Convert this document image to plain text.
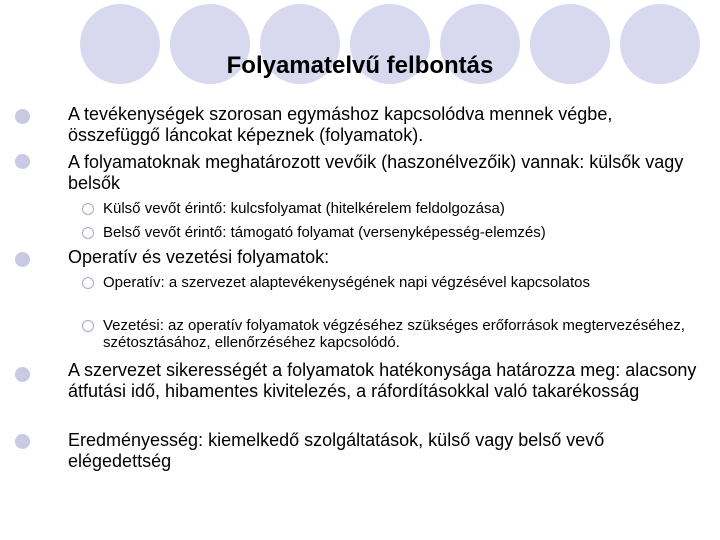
Folyamatelvű felbontás
A tevékenységek szorosan egymáshoz kapcsolódva mennek végbe, összefüggő láncokat képeznek (folyamatok).
A folyamatoknak meghatározott vevőik (haszonélvezőik) vannak: külsők vagy belsők
Külső vevőt érintő: kulcsfolyamat (hitelkérelem feldolgozása)
Belső vevőt érintő: támogató folyamat (versenyképesség-elemzés)
Operatív és vezetési folyamatok:
Operatív: a szervezet alaptevékenységének napi végzésével kapcsolatos
Vezetési: az operatív folyamatok végzéséhez szükséges erőforrások megtervezéséhez, szétosztásához, ellenőrzéséhez kapcsolódó.
A szervezet sikerességét a folyamatok hatékonysága határozza meg: alacsony átfutási idő, hibamentes kivitelezés, a ráfordításokkal való takarékosság
Eredményesség: kiemelkedő szolgáltatások, külső vagy belső vevő elégedettség
